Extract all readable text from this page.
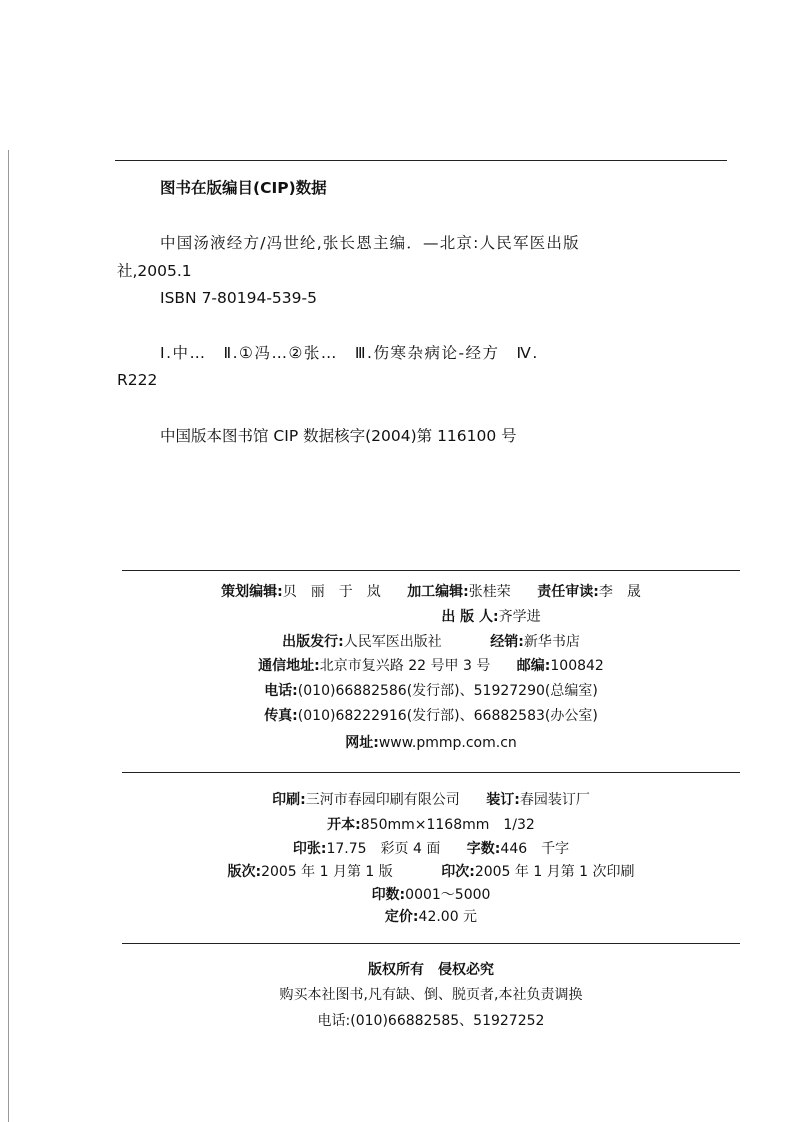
图书在版编目(CIP)数据
中国汤液经方/冯世纶,张长恩主编．—北京:人民军医出版
社,2005.1
ISBN 7-80194-539-5
Ⅰ.中…　Ⅱ.①冯…②张…　Ⅲ.伤寒杂病论-经方　Ⅳ.
R222
中国版本图书馆 CIP 数据核字(2004)第 116100 号
策划编辑:贝　丽　于　岚 加工编辑:张桂荣 责任审读:李　晟
出 版 人:齐学进
出版发行:人民军医出版社	经销:新华书店
通信地址:北京市复兴路 22 号甲 3 号 邮编:100842
电话:(010)66882586(发行部)、51927290(总编室)
传真:(010)68222916(发行部)、66882583(办公室)
网址:www.pmmp.com.cn
印刷:三河市春园印刷有限公司 装订:春园装订厂
开本:850mm×1168mm　1/32
印张:17.75　彩页 4 面 字数:446　千字
版次:2005 年 1 月第 1 版	印次:2005 年 1 月第 1 次印刷
印数:0001～5000
定价:42.00 元
版权所有　侵权必究
购买本社图书,凡有缺、倒、脱页者,本社负责调换
电话:(010)66882585、51927252
